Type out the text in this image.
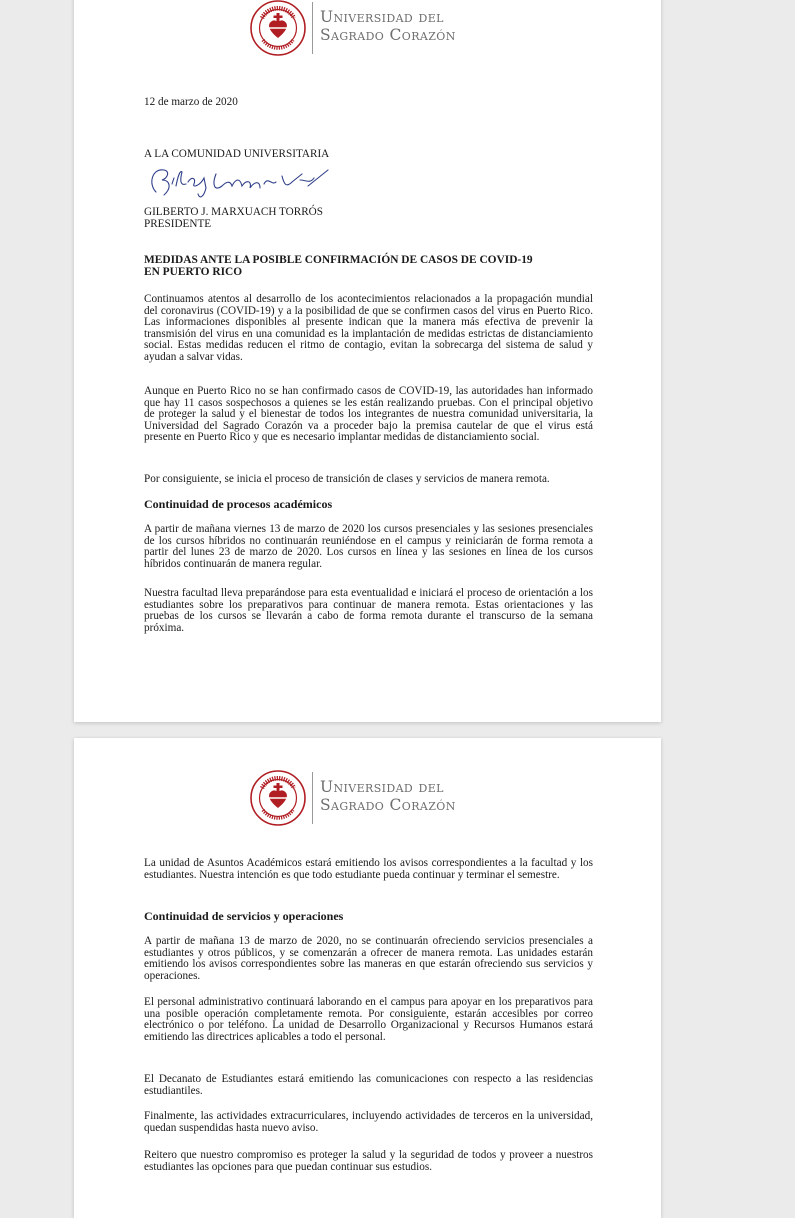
Universidad del
Sagrado Corazón
12 de marzo de 2020
A LA COMUNIDAD UNIVERSITARIA
GILBERTO J. MARXUACH TORRÓS
PRESIDENTE
MEDIDAS ANTE LA POSIBLE CONFIRMACIÓN DE CASOS DE COVID-19
EN PUERTO RICO

Continuamos atentos al desarrollo de los acontecimientos relacionados a la propagación mundial del coronavirus (COVID-19) y a la posibilidad de que se confirmen casos del virus en Puerto Rico. Las informaciones disponibles al presente indican que la manera más efectiva de prevenir la transmisión del virus en una comunidad es la implantación de medidas estrictas de distanciamiento social. Estas medidas reducen el ritmo de contagio, evitan la sobrecarga del sistema de salud y ayudan a salvar vidas.

Aunque en Puerto Rico no se han confirmado casos de COVID-19, las autoridades han informado que hay 11 casos sospechosos a quienes se les están realizando pruebas. Con el principal objetivo de proteger la salud y el bienestar de todos los integrantes de nuestra comunidad universitaria, la Universidad del Sagrado Corazón va a proceder bajo la premisa cautelar de que el virus está presente en Puerto Rico y que es necesario implantar medidas de distanciamiento social.

Por consiguiente, se inicia el proceso de transición de clases y servicios de manera remota.

Continuidad de procesos académicos

A partir de mañana viernes 13 de marzo de 2020 los cursos presenciales y las sesiones presenciales de los cursos híbridos no continuarán reuniéndose en el campus y reiniciarán de forma remota a partir del lunes 23 de marzo de 2020. Los cursos en línea y las sesiones en línea de los cursos híbridos continuarán de manera regular.

Nuestra facultad lleva preparándose para esta eventualidad e iniciará el proceso de orientación a los estudiantes sobre los preparativos para continuar de manera remota. Estas orientaciones y las pruebas de los cursos se llevarán a cabo de forma remota durante el transcurso de la semana próxima.

Universidad del
Sagrado Corazón

La unidad de Asuntos Académicos estará emitiendo los avisos correspondientes a la facultad y los estudiantes. Nuestra intención es que todo estudiante pueda continuar y terminar el semestre.

Continuidad de servicios y operaciones

A partir de mañana 13 de marzo de 2020, no se continuarán ofreciendo servicios presenciales a estudiantes y otros públicos, y se comenzarán a ofrecer de manera remota. Las unidades estarán emitiendo los avisos correspondientes sobre las maneras en que estarán ofreciendo sus servicios y operaciones.

El personal administrativo continuará laborando en el campus para apoyar en los preparativos para una posible operación completamente remota. Por consiguiente, estarán accesibles por correo electrónico o por teléfono. La unidad de Desarrollo Organizacional y Recursos Humanos estará emitiendo las directrices aplicables a todo el personal.

El Decanato de Estudiantes estará emitiendo las comunicaciones con respecto a las residencias estudiantiles.

Finalmente, las actividades extracurriculares, incluyendo actividades de terceros en la universidad, quedan suspendidas hasta nuevo aviso.

Reitero que nuestro compromiso es proteger la salud y la seguridad de todos y proveer a nuestros estudiantes las opciones para que puedan continuar sus estudios.
